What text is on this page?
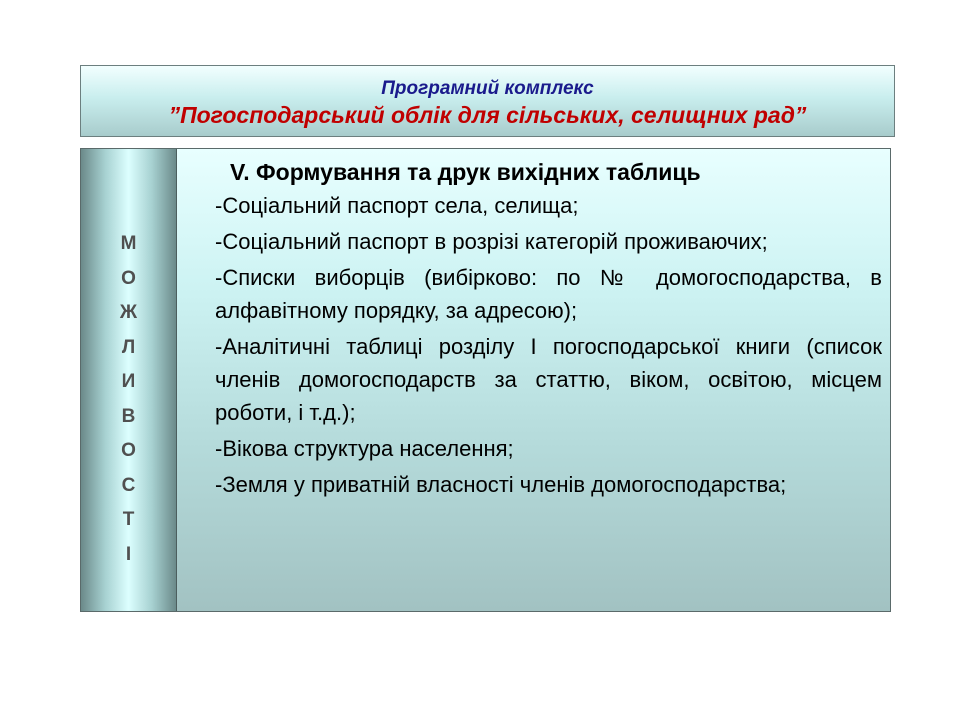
Програмний комплекс
”Погосподарський облік для сільських, селищних рад”
М
О
Ж
Л
И
В
О
С
Т
І
V. Формування та друк вихідних таблиць
-Соціальний паспорт села, селища;
-Соціальний паспорт в розрізі категорій проживаючих;
-Списки виборців (вибірково: по № домогосподарства, в алфавітному порядку, за адресою);
-Аналітичні таблиці розділу І погосподарської книги (список членів домогосподарств за статтю, віком, освітою, місцем роботи, і т.д.);
-Вікова структура населення;
-Земля у приватній власності членів домогосподарства;
